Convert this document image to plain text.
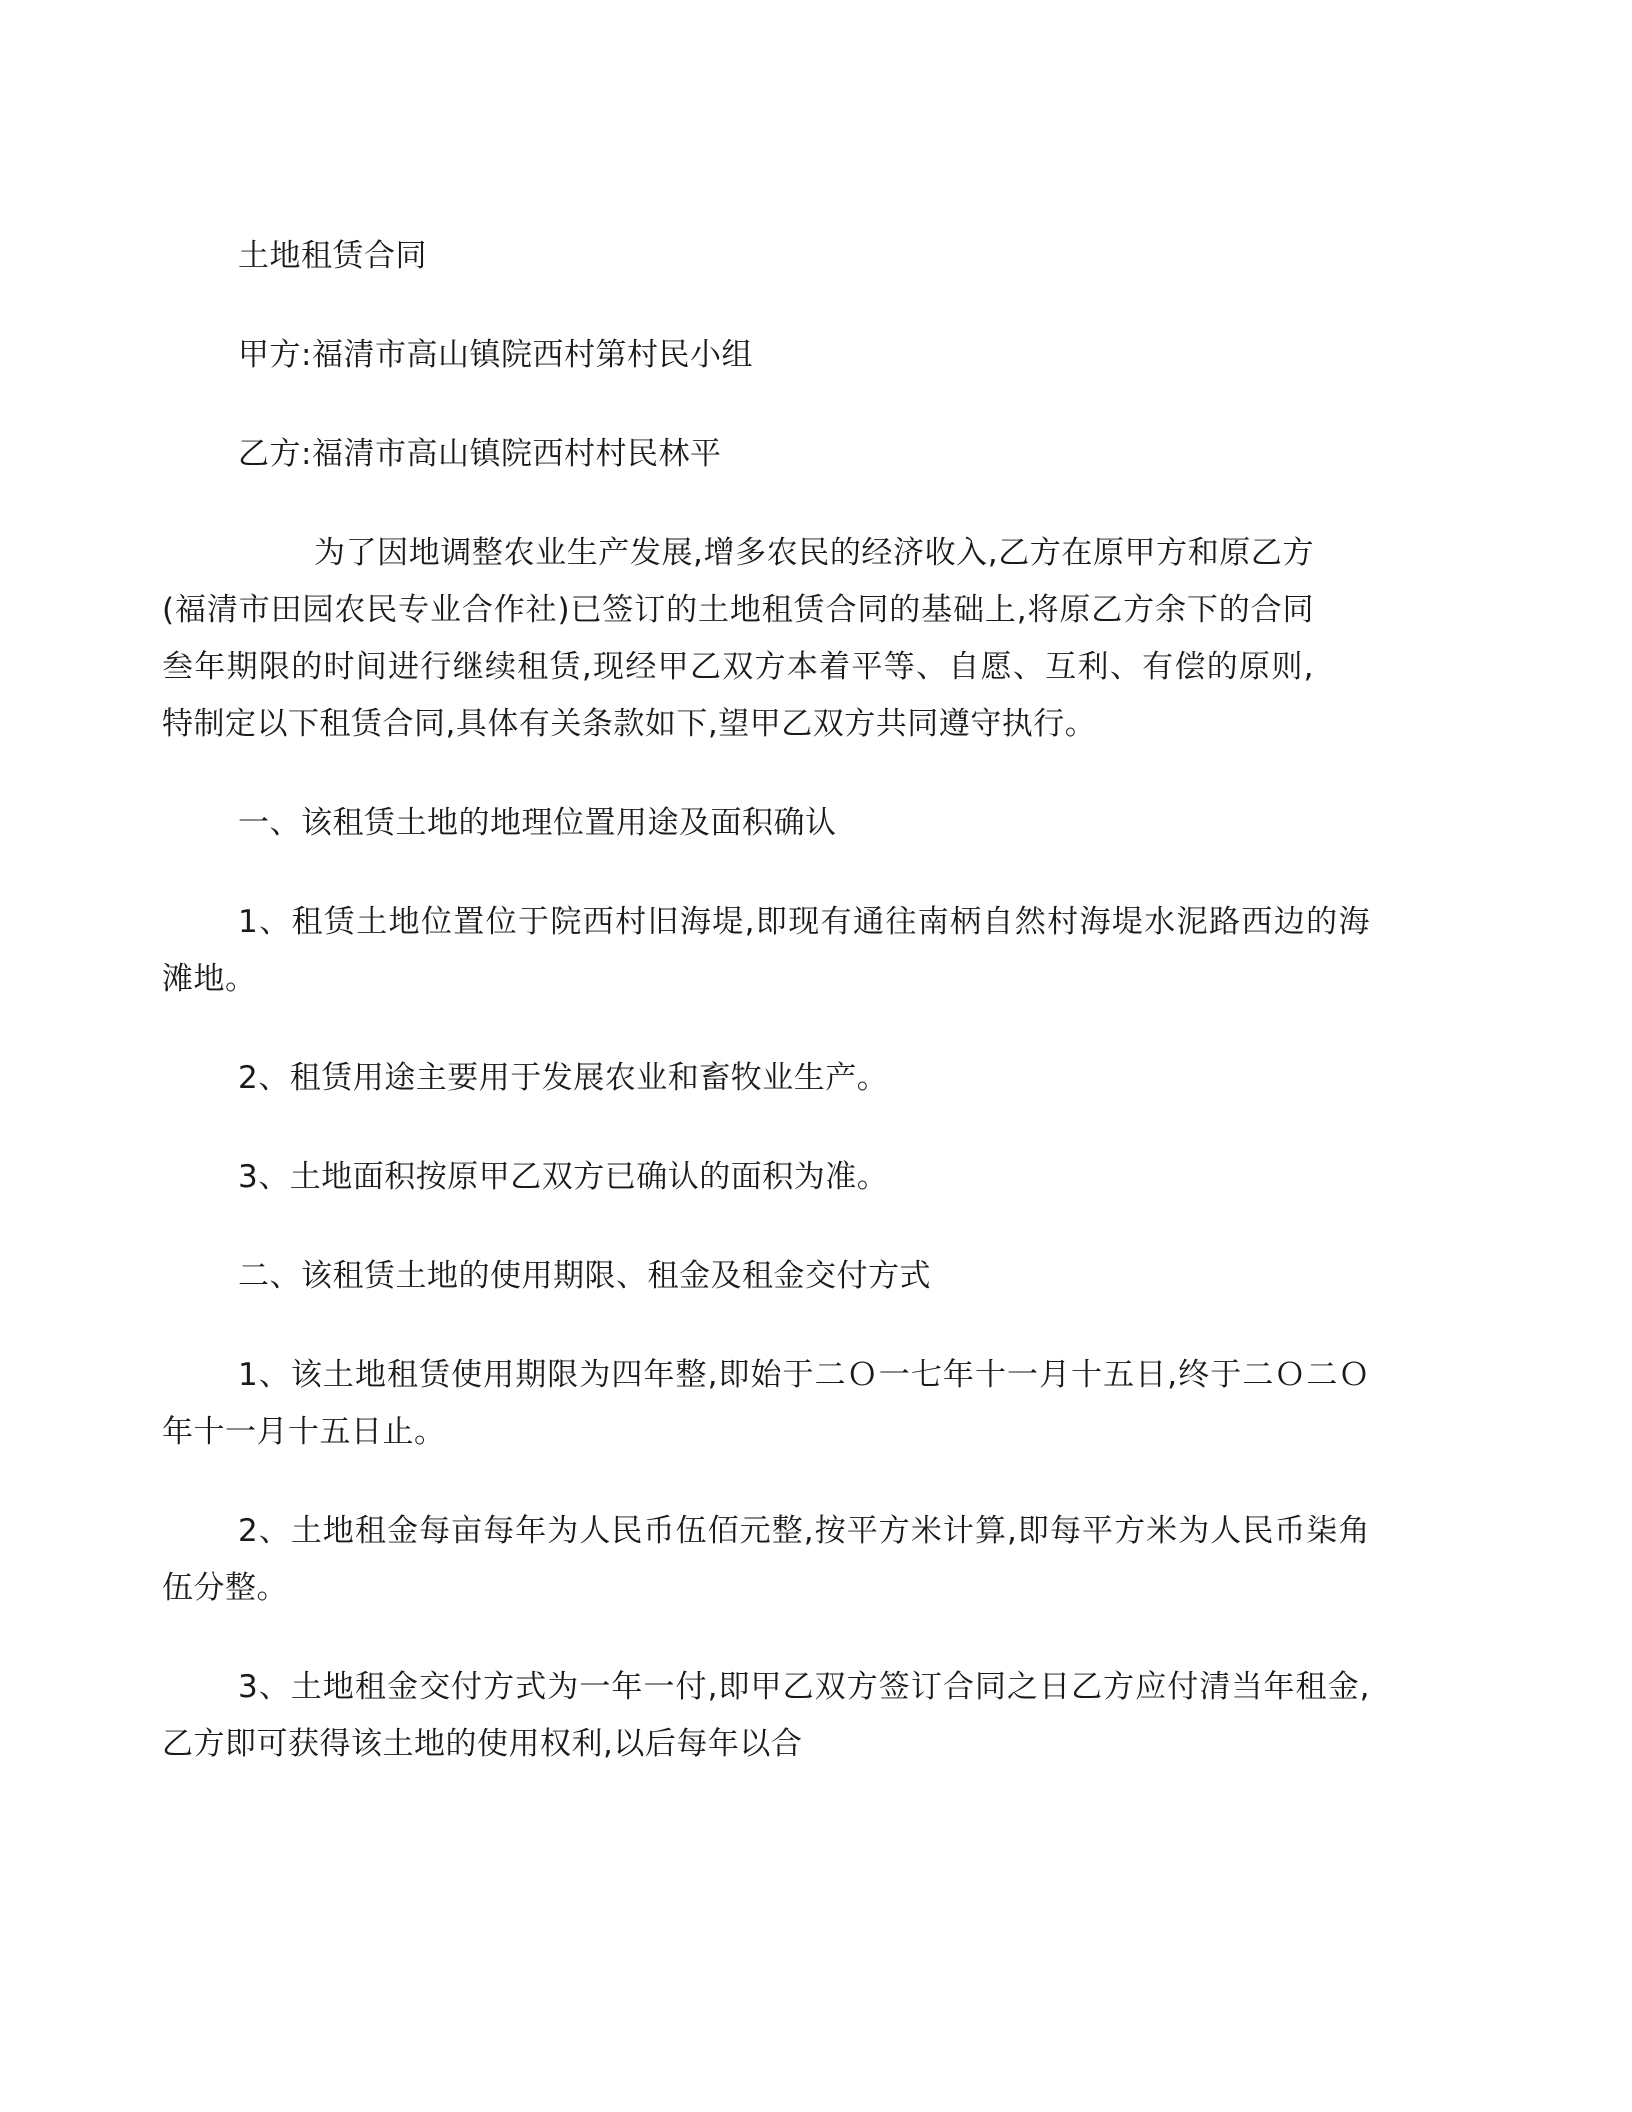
土地租赁合同

甲方:福清市高山镇院西村第村民小组

乙方:福清市高山镇院西村村民林平

为了因地调整农业生产发展,增多农民的经济收入,乙方在原甲方和原乙方(福清市田园农民专业合作社)已签订的土地租赁合同的基础上,将原乙方余下的合同叁年期限的时间进行继续租赁,现经甲乙双方本着平等、自愿、互利、有偿的原则,特制定以下租赁合同,具体有关条款如下,望甲乙双方共同遵守执行。

一、该租赁土地的地理位置用途及面积确认

1、租赁土地位置位于院西村旧海堤,即现有通往南柄自然村海堤水泥路西边的海滩地。

2、租赁用途主要用于发展农业和畜牧业生产。

3、土地面积按原甲乙双方已确认的面积为准。

二、该租赁土地的使用期限、租金及租金交付方式

1、该土地租赁使用期限为四年整,即始于二Ｏ一七年十一月十五日,终于二Ｏ二Ｏ年十一月十五日止。

2、土地租金每亩每年为人民币伍佰元整,按平方米计算,即每平方米为人民币柒角伍分整。

3、土地租金交付方式为一年一付,即甲乙双方签订合同之日乙方应付清当年租金,乙方即可获得该土地的使用权利,以后每年以合
